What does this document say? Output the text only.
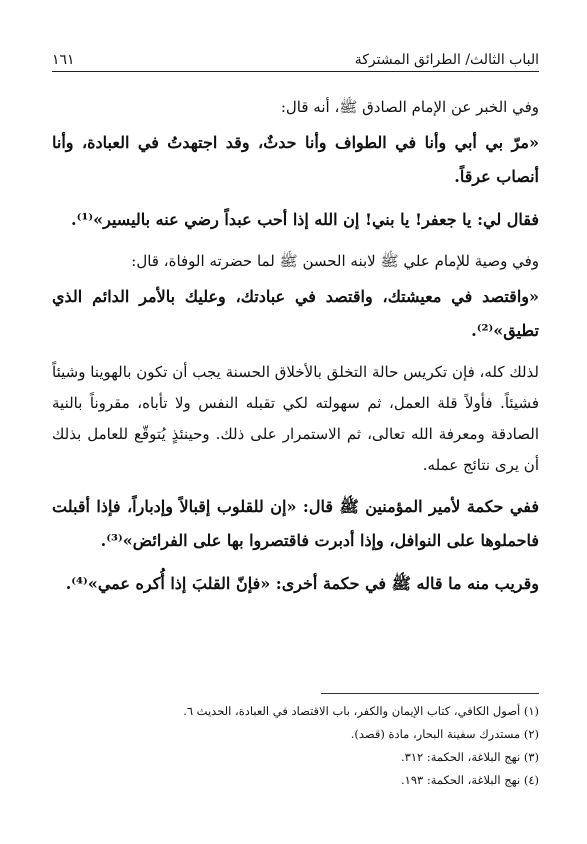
الباب الثالث/ الطرائق المشتركة
١٦١

وفي الخبر عن الإمام الصادق ﷺ، أنه قال:

«مرّ بي أبي وأنا في الطواف وأنا حدثٌ، وقد اجتهدتُ في العبادة، وأنا أنصاب عرقاً.

فقال لي: يا جعفر! يا بني! إن الله إذا أحب عبداً رضي عنه باليسير»⁽¹⁾.

وفي وصية للإمام علي ﷺ لابنه الحسن ﷺ لما حضرته الوفاة، قال:

«واقتصد في معيشتك، واقتصد في عبادتك، وعليك بالأمر الدائم الذي تطيق»⁽²⁾.

لذلك كله، فإن تكريس حالة التخلق بالأخلاق الحسنة يجب أن تكون بالهوينا وشيئاً فشيئاً. فأولاً قلة العمل، ثم سهولته لكي تقبله النفس ولا تأباه، مقروناً بالنية الصادقة ومعرفة الله تعالى، ثم الاستمرار على ذلك. وحينئذٍ يُتوقّع للعامل بذلك أن يرى نتائج عمله.

ففي حكمة لأمير المؤمنين ﷺ قال: «إن للقلوب إقبالاً وإدباراً، فإذا أقبلت فاحملوها على النوافل، وإذا أدبرت فاقتصروا بها على الفرائض»⁽³⁾.

وقريب منه ما قاله ﷺ في حكمة أخرى: «فإنّ القلبَ إذا أُكره عمي»⁽⁴⁾.

(١) أصول الكافي، كتاب الإيمان والكفر، باب الاقتصاد في العبادة، الحديث ٦.
(٢) مستدرك سفينة البحار، مادة (قصد).
(٣) نهج البلاغة، الحكمة: ٣١٢.
(٤) نهج البلاغة، الحكمة: ١٩٣.
